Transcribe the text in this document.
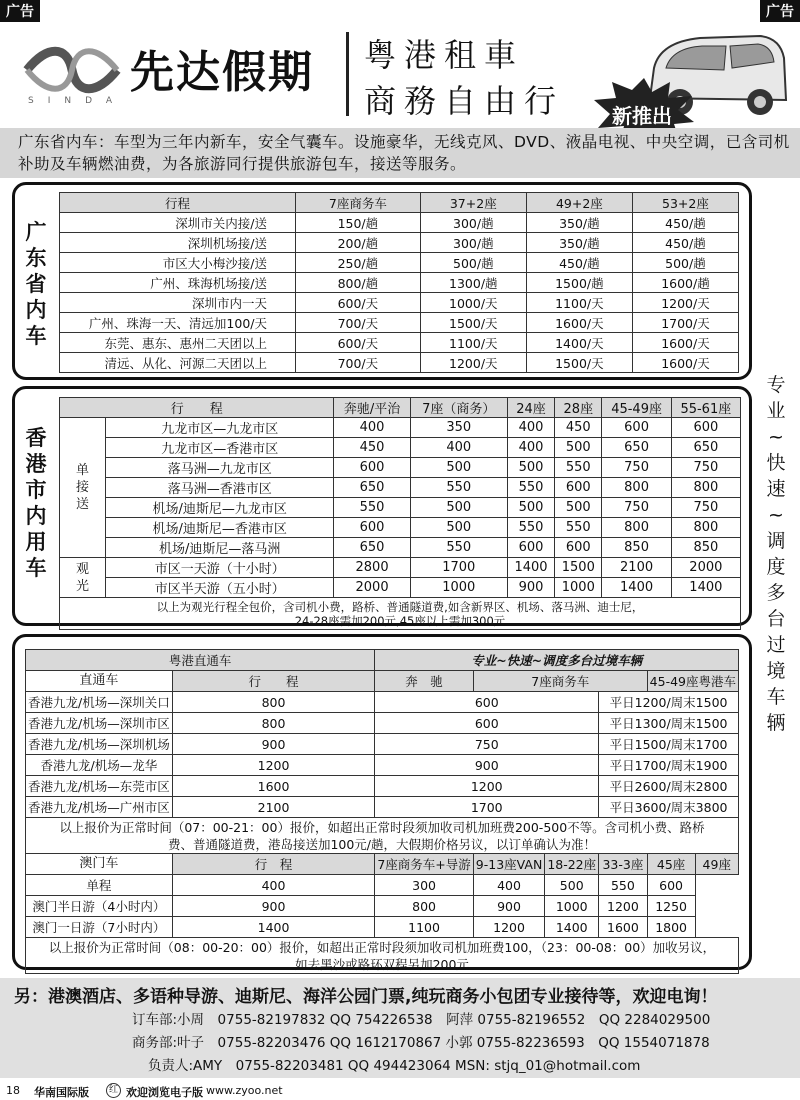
广告	广告
SINDA
先达假期 粤港租車
商務自由行 新推出
广东省内车：车型为三年内新车，安全气囊车。设施豪华，无线克风、DVD、液晶电视、中央空调，已含司机补助及车辆燃油费，为各旅游同行提供旅游包车，接送等服务。
广东省内车
行程	7座商务车	37+2座	49+2座	53+2座
深圳市关内接/送	150/趟	300/趟	350/趟	450/趟
深圳机场接/送	200/趟	300/趟	350/趟	450/趟
市区大小梅沙接/送	250/趟	500/趟	450/趟	500/趟
广州、珠海机场接/送	800/趟	1300/趟	1500/趟	1600/趟
深圳市内一天	600/天	1000/天	1100/天	1200/天
广州、珠海一天、清远加100/天	700/天	1500/天	1600/天	1700/天
东莞、惠东、惠州二天团以上	600/天	1100/天	1400/天	1600/天
清远、从化、河源二天团以上	700/天	1200/天	1500/天	1600/天
香港市内用车
行　　程		奔驰/平治	7座（商务）	24座	28座	45-49座	55-61座

单接送	九龙市区—九龙市区	400	350	400	450	600	600
	九龙市区—香港市区	450	400	400	500	650	650
	落马洲—九龙市区	600	500	500	550	750	750
	落马洲—香港市区	650	550	550	600	800	800
	机场/迪斯尼—九龙市区	550	500	500	500	750	750
	机场/迪斯尼—香港市区	600	500	550	550	800	800
	机场/迪斯尼—落马洲	650	550	600	600	850	850

观光	市区一天游（十小时）	2800	1700	1400	1500	2100	2000
	市区半天游（五小时）	2000	1000	900	1000	1400	1400

以上为观光行程全包价，含司机小费，路桥、普通隧道费,如含新界区、机场、落马洲、迪士尼，
24-28座需加200元,45座以上需加300元							
粤港直通车		专业~快速~调度多台过境车辆					
直通车	行　　程	奔　驰	7座商务车			45-49座粤港车	
香港九龙/机场—深圳关口	800	600			平日1200/周末1500		
香港九龙/机场—深圳市区	800	600			平日1300/周末1500		
香港九龙/机场—深圳机场	900	750			平日1500/周末1700		
香港九龙/机场—龙华	1200	900			平日1700/周末1900		
香港九龙/机场—东莞市区	1600	1200			平日2600/周末2800		
香港九龙/机场—广州市区	2100	1700			平日3600/周末3800		

以上报价为正常时间（07：00-21：00）报价，如超出正常时段须加收司机加班费200-500不等。含司机小费、路桥
费、普通隧道费，港岛接送加100元/趟，大假期价格另议，以订单确认为准！							

澳门车	行　程	7座商务车+导游	9-13座VAN	18-22座	33-3座	45座	49座
单程	400	300	400	500	550	600	
澳门半日游（4小时内）	900	800	900	1000	1200	1250	
澳门一日游（7小时内）	1400	1100	1200	1400	1600	1800	

以上报价为正常时间（08：00-20：00）报价，如超出正常时段须加收司机加班费100，（23：00-08：00）加收另议，
如去黑沙或路环双程另加200元							
专业~快速~调度多台过境车辆
另：港澳酒店、多语种导游、迪斯尼、海洋公园门票,纯玩商务小包团专业接待等，欢迎电询！
订车部:小周　0755-82197832 QQ 754226538　阿萍 0755-82196552　QQ 2284029500
商务部:叶子　0755-82203476 QQ 1612170867 小郭 0755-82236593　QQ 1554071878
负责人:AMY　0755-82203481 QQ 494423064 MSN: stjq_01@hotmail.com
18 华南国际版	红 欢迎浏览电子版 www.zyoo.net
